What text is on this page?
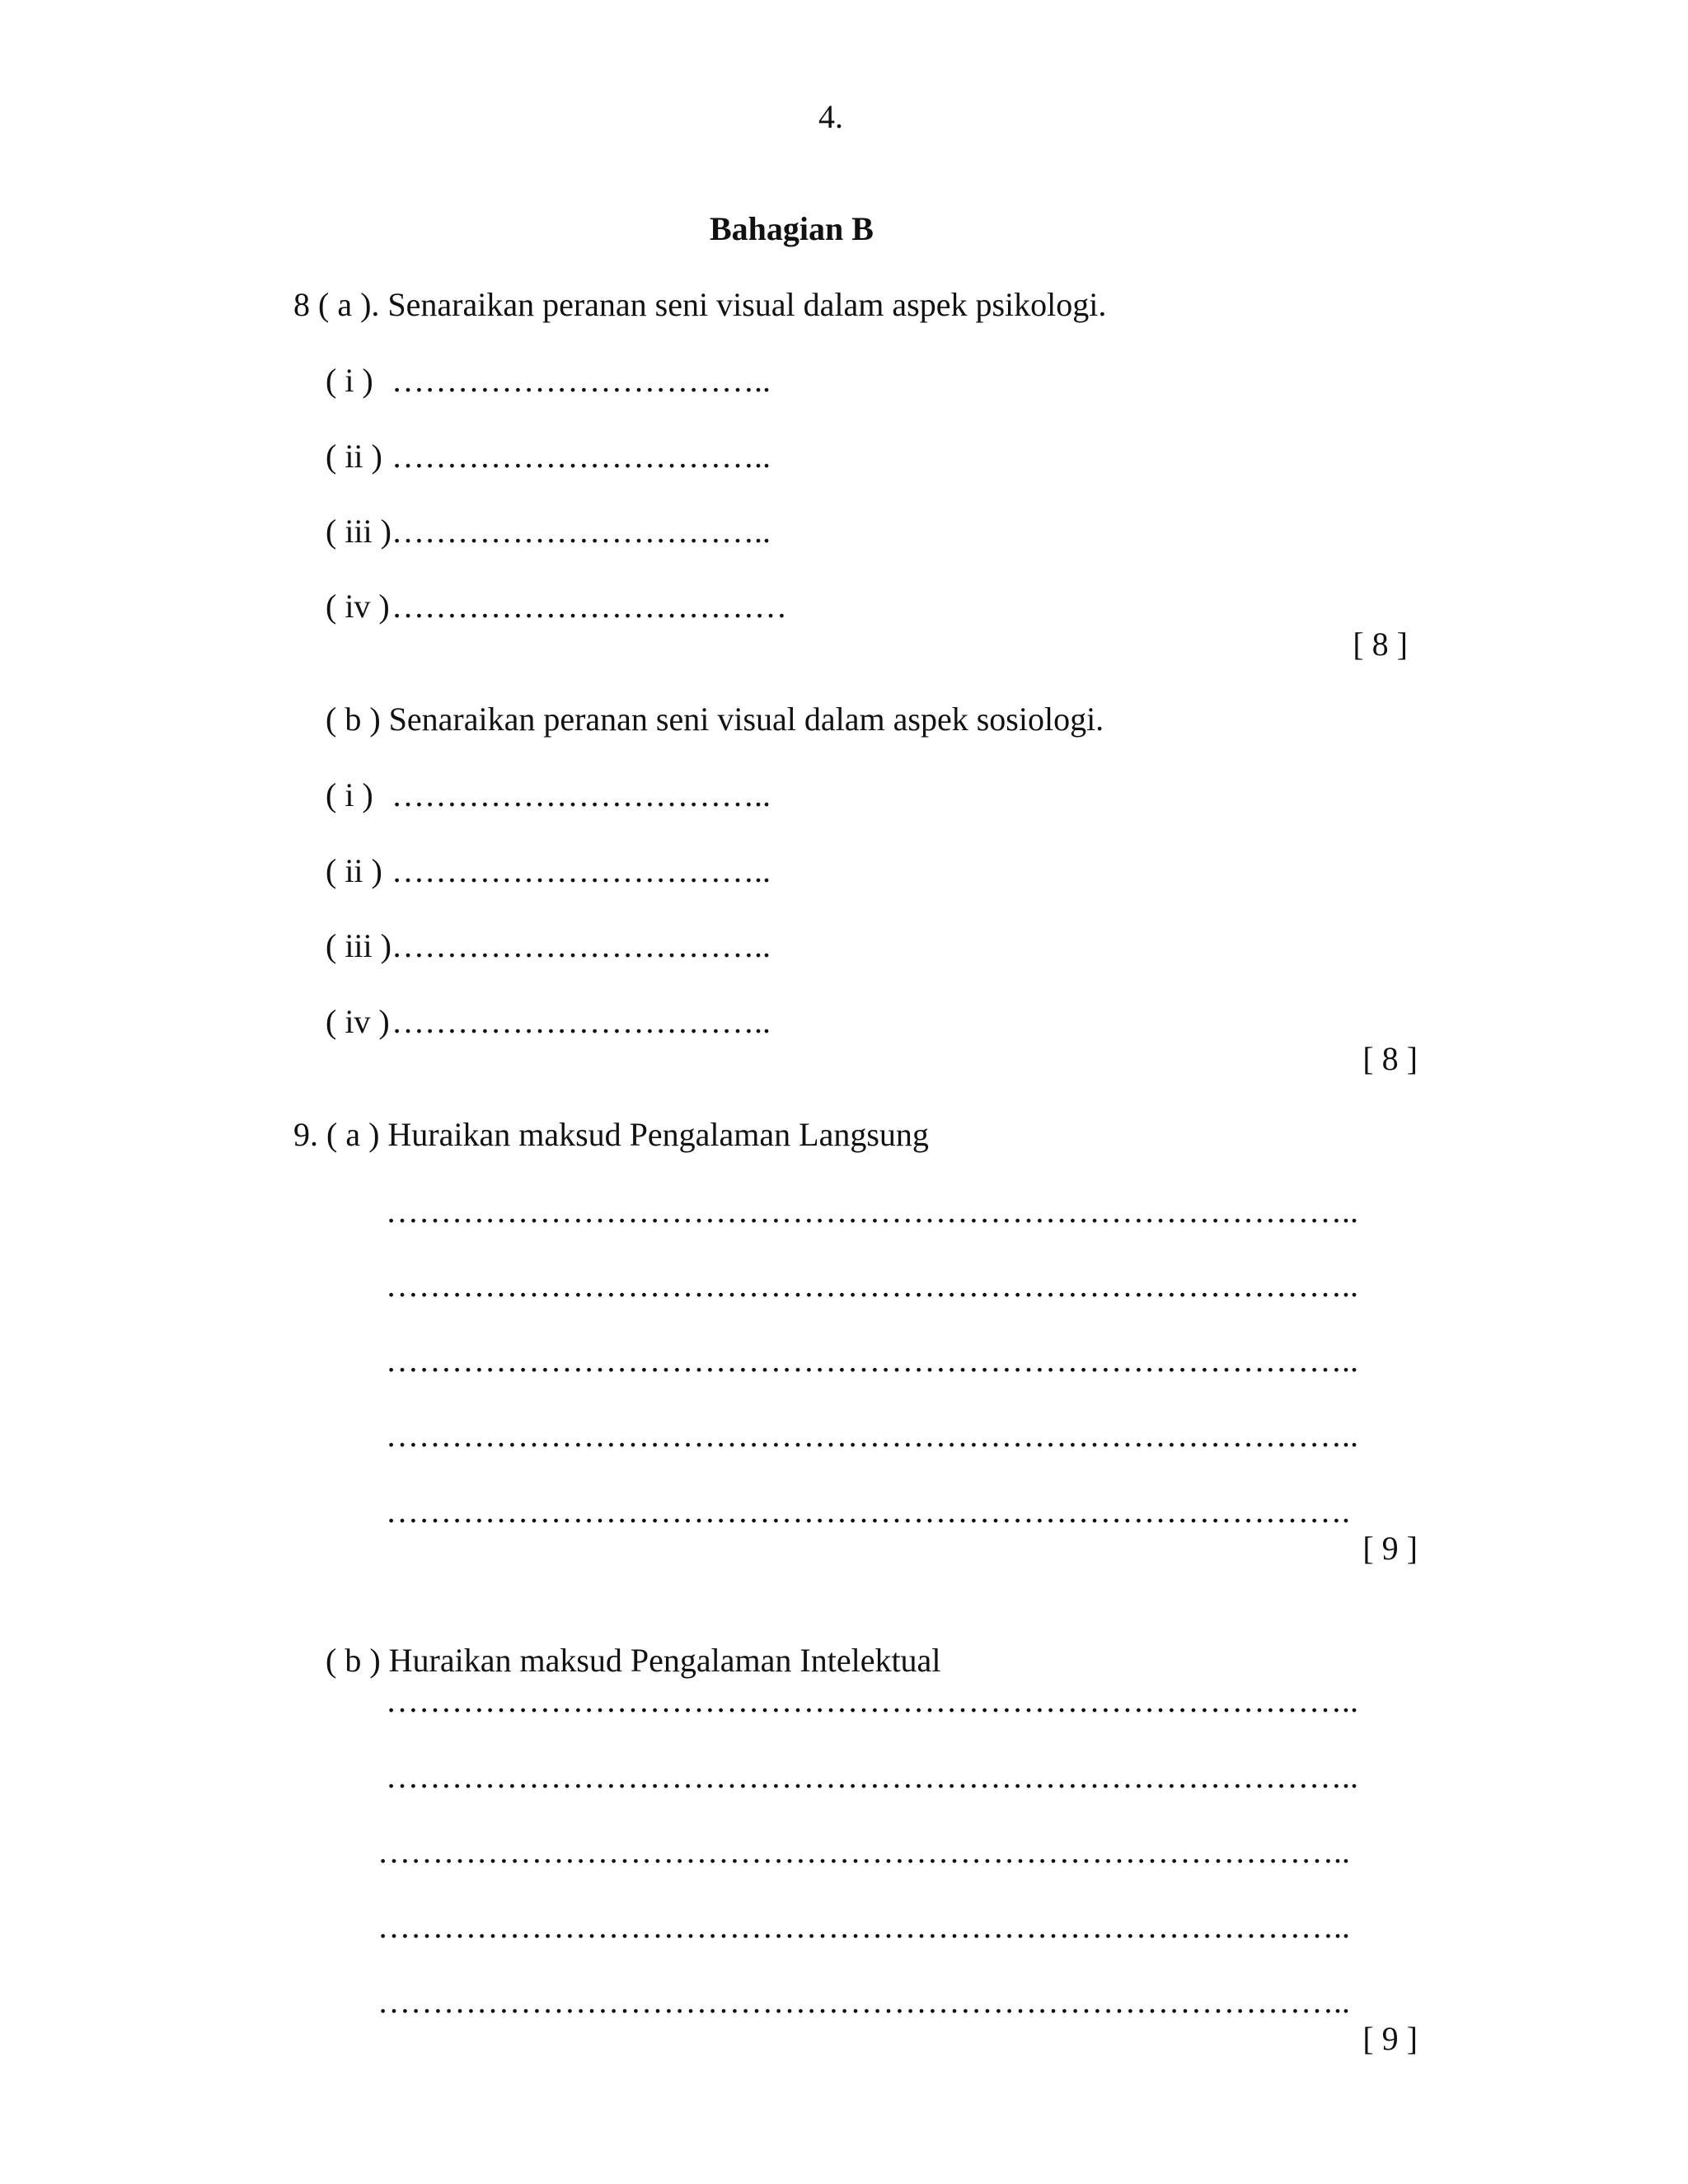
4.
Bahagian B
8 ( a ). Senaraikan peranan seni visual dalam aspek psikologi.
( i ) ……………………………..
( ii ) ……………………………..
( iii ) ……………………………..
( iv ) ………………………………
[ 8 ]
( b ) Senaraikan peranan seni visual dalam aspek sosiologi.
( i ) ……………………………..
( ii ) ……………………………..
( iii ) ……………………………..
( iv ) ……………………………..
[ 8 ]
9. ( a ) Huraikan maksud Pengalaman Langsung
……………………………………………………………………………..
……………………………………………………………………………..
……………………………………………………………………………..
……………………………………………………………………………..
…………………………………………………………………………….
[ 9 ]
( b ) Huraikan maksud Pengalaman Intelektual
……………………………………………………………………………..
……………………………………………………………………………..
……………………………………………………………………………..
……………………………………………………………………………..
……………………………………………………………………………..
[ 9 ]
